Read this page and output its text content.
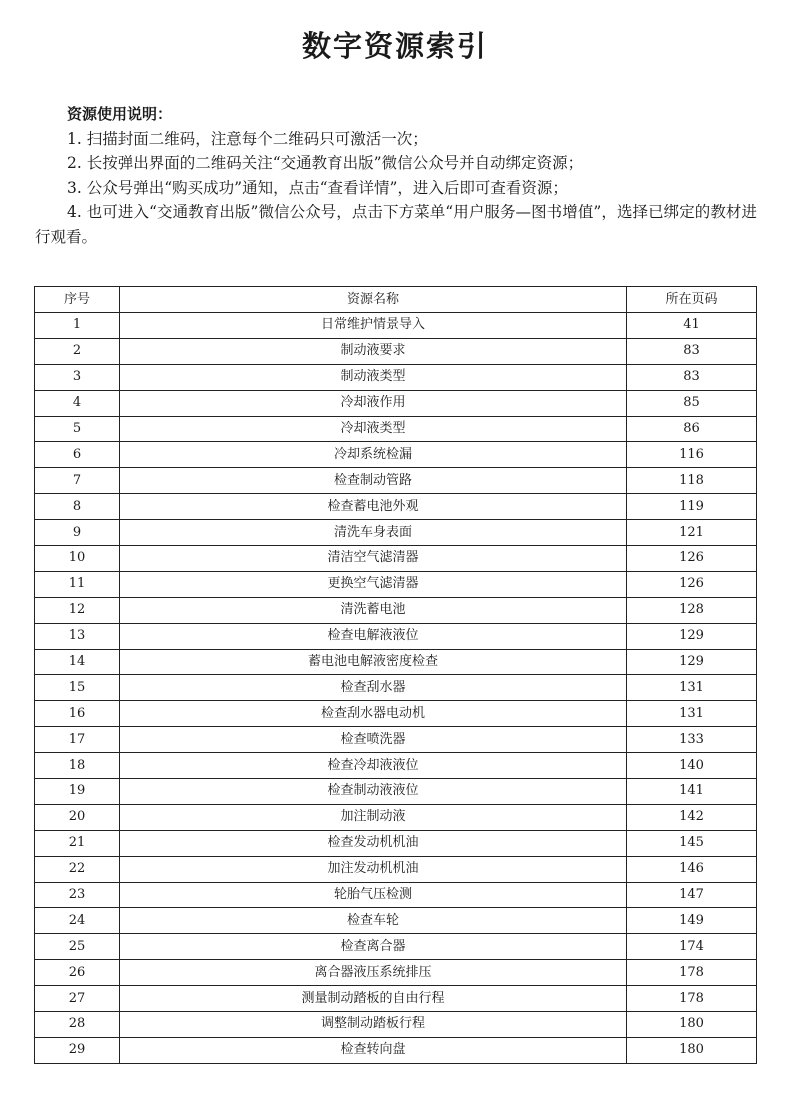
数字资源索引
资源使用说明：
1. 扫描封面二维码，注意每个二维码只可激活一次；
2. 长按弹出界面的二维码关注“交通教育出版”微信公众号并自动绑定资源；
3. 公众号弹出“购买成功”通知，点击“查看详情”，进入后即可查看资源；
4. 也可进入“交通教育出版”微信公众号，点击下方菜单“用户服务—图书增值”，选择已绑定的教材进行观看。
序号	资源名称	所在页码
1	日常维护情景导入	41
2	制动液要求	83
3	制动液类型	83
4	冷却液作用	85
5	冷却液类型	86
6	冷却系统检漏	116
7	检查制动管路	118
8	检查蓄电池外观	119
9	清洗车身表面	121
10	清洁空气滤清器	126
11	更换空气滤清器	126
12	清洗蓄电池	128
13	检查电解液液位	129
14	蓄电池电解液密度检查	129
15	检查刮水器	131
16	检查刮水器电动机	131
17	检查喷洗器	133
18	检查冷却液液位	140
19	检查制动液液位	141
20	加注制动液	142
21	检查发动机机油	145
22	加注发动机机油	146
23	轮胎气压检测	147
24	检查车轮	149
25	检查离合器	174
26	离合器液压系统排压	178
27	测量制动踏板的自由行程	178
28	调整制动踏板行程	180
29	检查转向盘	180
